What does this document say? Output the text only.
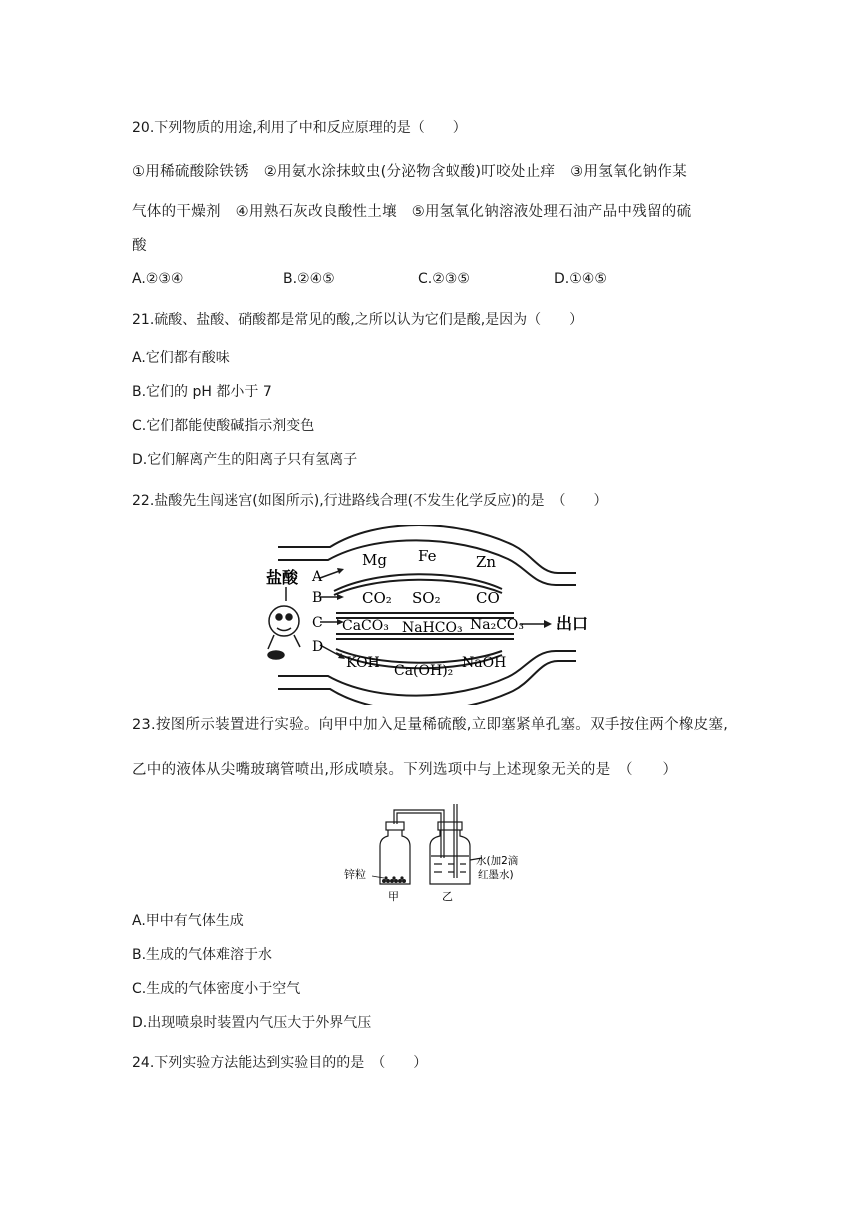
20.下列物质的用途,利用了中和反应原理的是（　　）
①用稀硫酸除铁锈　②用氨水涂抹蚊虫(分泌物含蚁酸)叮咬处止痒　③用氢氧化钠作某
气体的干燥剂　④用熟石灰改良酸性土壤　⑤用氢氧化钠溶液处理石油产品中残留的硫
酸
A.②③④	B.②④⑤	C.②③⑤	D.①④⑤
21.硫酸、盐酸、硝酸都是常见的酸,之所以认为它们是酸,是因为（　　）
A.它们都有酸味
B.它们的 pH 都小于 7
C.它们都能使酸碱指示剂变色
D.它们解离产生的阳离子只有氢离子
22.盐酸先生闯迷宫(如图所示),行进路线合理(不发生化学反应)的是　（　　）
盐酸
出口
A
B
C
D
Mg Fe	Zn
CO₂ SO₂ CO
CaCO₃ NaHCO₃ Na₂CO₃
KOH Ca(OH)₂ NaOH
23.按图所示装置进行实验。向甲中加入足量稀硫酸,立即塞紧单孔塞。双手按住两个橡皮塞,
乙中的液体从尖嘴玻璃管喷出,形成喷泉。下列选项中与上述现象无关的是　（　　）
锌粒
水(加2滴
红墨水)
甲	乙
A.甲中有气体生成
B.生成的气体难溶于水
C.生成的气体密度小于空气
D.出现喷泉时装置内气压大于外界气压
24.下列实验方法能达到实验目的的是　（　　）
